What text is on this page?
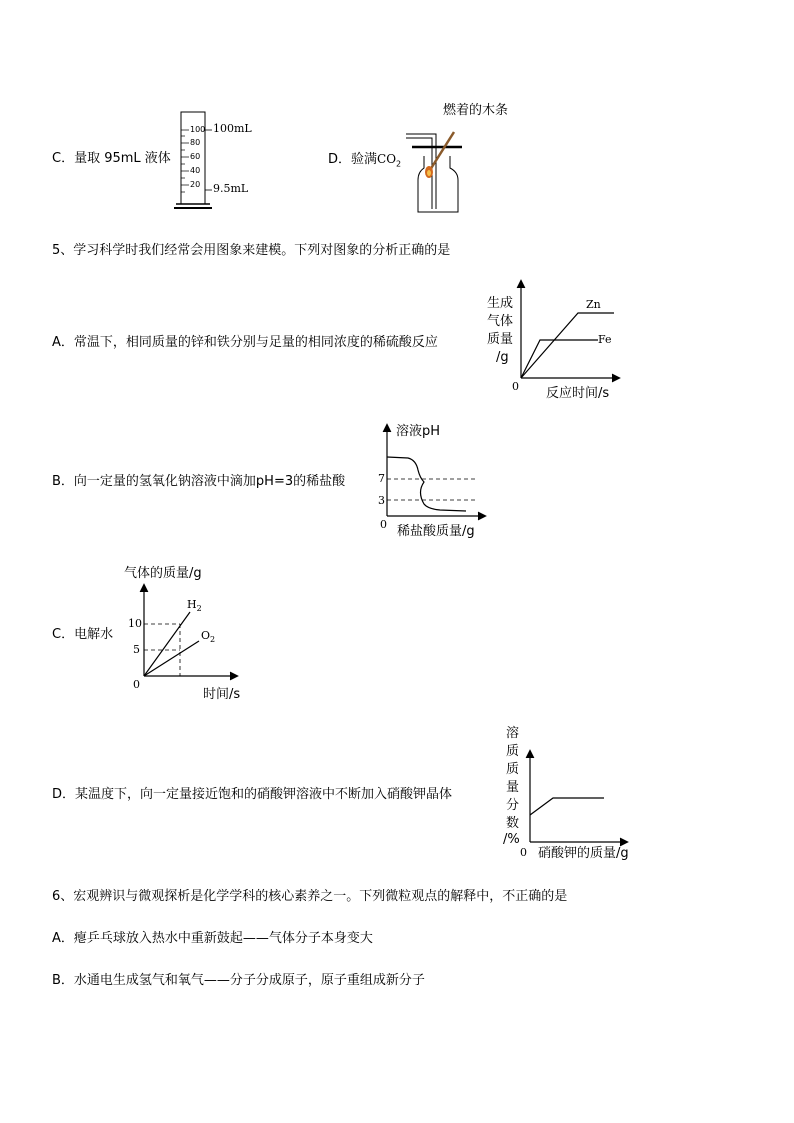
C．量取 95mL 液体
100
80
60
40
20
100mL
9.5mL
D．验满$CO_2$
燃着的木条
5、学习科学时我们经常会用图象来建模。下列对图象的分析正确的是
A．常温下，相同质量的锌和铁分别与足量的相同浓度的稀硫酸反应
生成
气体
质量
/g
0 反应时间/s
Zn
Fe
B．向一定量的氢氧化钠溶液中滴加pH=3的稀盐酸
溶液pH
7
3
0 稀盐酸质量/g
C．电解水
气体的质量/g
10
5
0
时间/s
$H_2$
$O_2$
D．某温度下，向一定量接近饱和的硝酸钾溶液中不断加入硝酸钾晶体
溶
质
质
量
分
数
/%
0 硝酸钾的质量/g
6、宏观辨识与微观探析是化学学科的核心素养之一。下列微粒观点的解释中，不正确的是
A．瘪乒乓球放入热水中重新鼓起——气体分子本身变大
B．水通电生成氢气和氧气——分子分成原子，原子重组成新分子
